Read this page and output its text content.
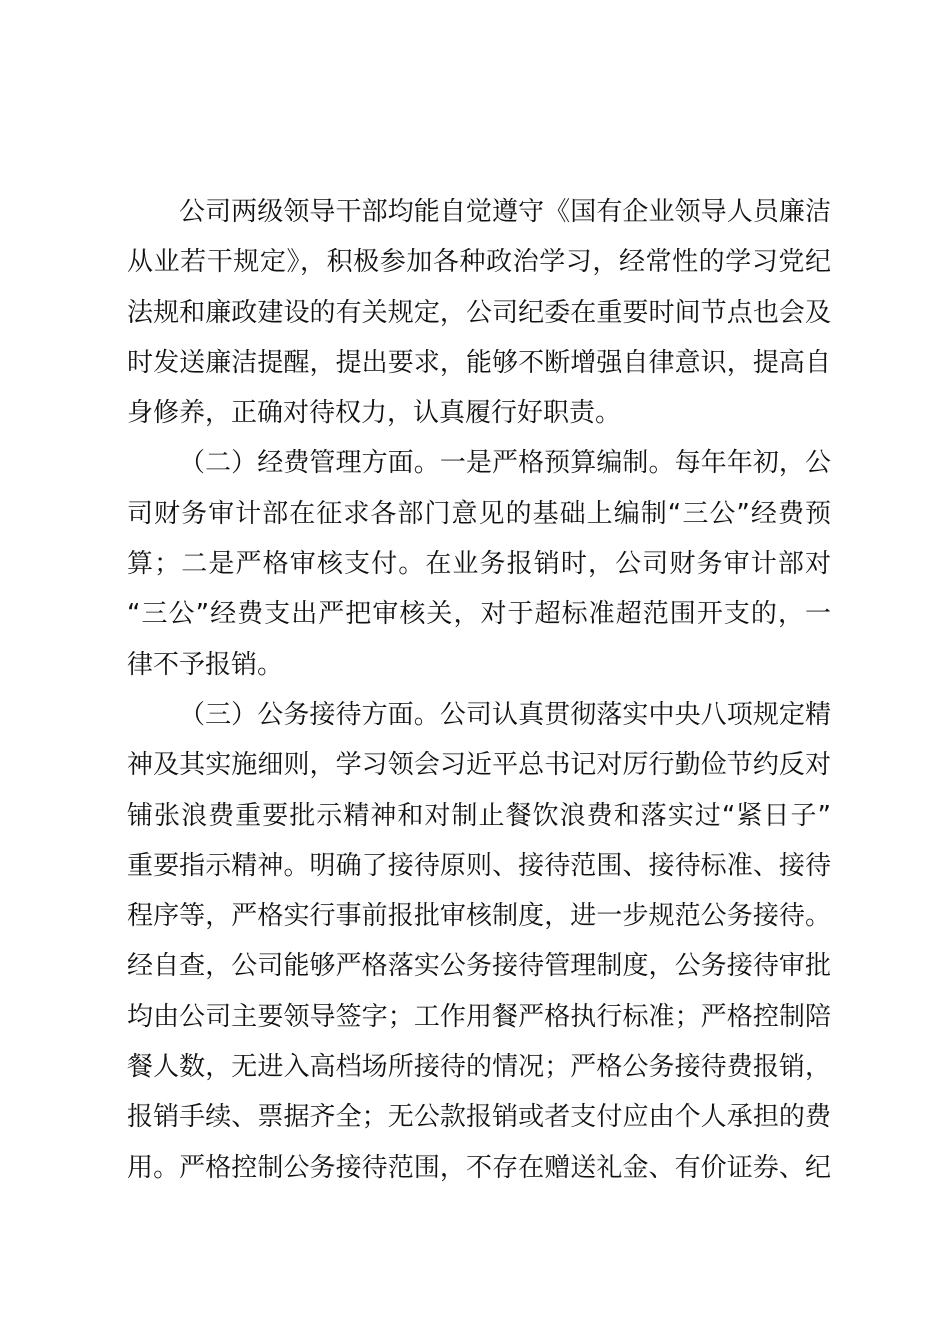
公司两级领导干部均能自觉遵守《国有企业领导人员廉洁
从业若干规定》，积极参加各种政治学习，经常性的学习党纪
法规和廉政建设的有关规定，公司纪委在重要时间节点也会及
时发送廉洁提醒，提出要求，能够不断增强自律意识，提高自
身修养，正确对待权力，认真履行好职责。
（二）经费管理方面。一是严格预算编制。每年年初，公
司财务审计部在征求各部门意见的基础上编制“三公”经费预
算；二是严格审核支付。在业务报销时，公司财务审计部对
“三公”经费支出严把审核关，对于超标准超范围开支的，一
律不予报销。
（三）公务接待方面。公司认真贯彻落实中央八项规定精
神及其实施细则，学习领会习近平总书记对厉行勤俭节约反对
铺张浪费重要批示精神和对制止餐饮浪费和落实过“紧日子”
重要指示精神。明确了接待原则、接待范围、接待标准、接待
程序等，严格实行事前报批审核制度，进一步规范公务接待。
经自查，公司能够严格落实公务接待管理制度，公务接待审批
均由公司主要领导签字；工作用餐严格执行标准；严格控制陪
餐人数，无进入高档场所接待的情况；严格公务接待费报销，
报销手续、票据齐全；无公款报销或者支付应由个人承担的费
用。严格控制公务接待范围，不存在赠送礼金、有价证券、纪
